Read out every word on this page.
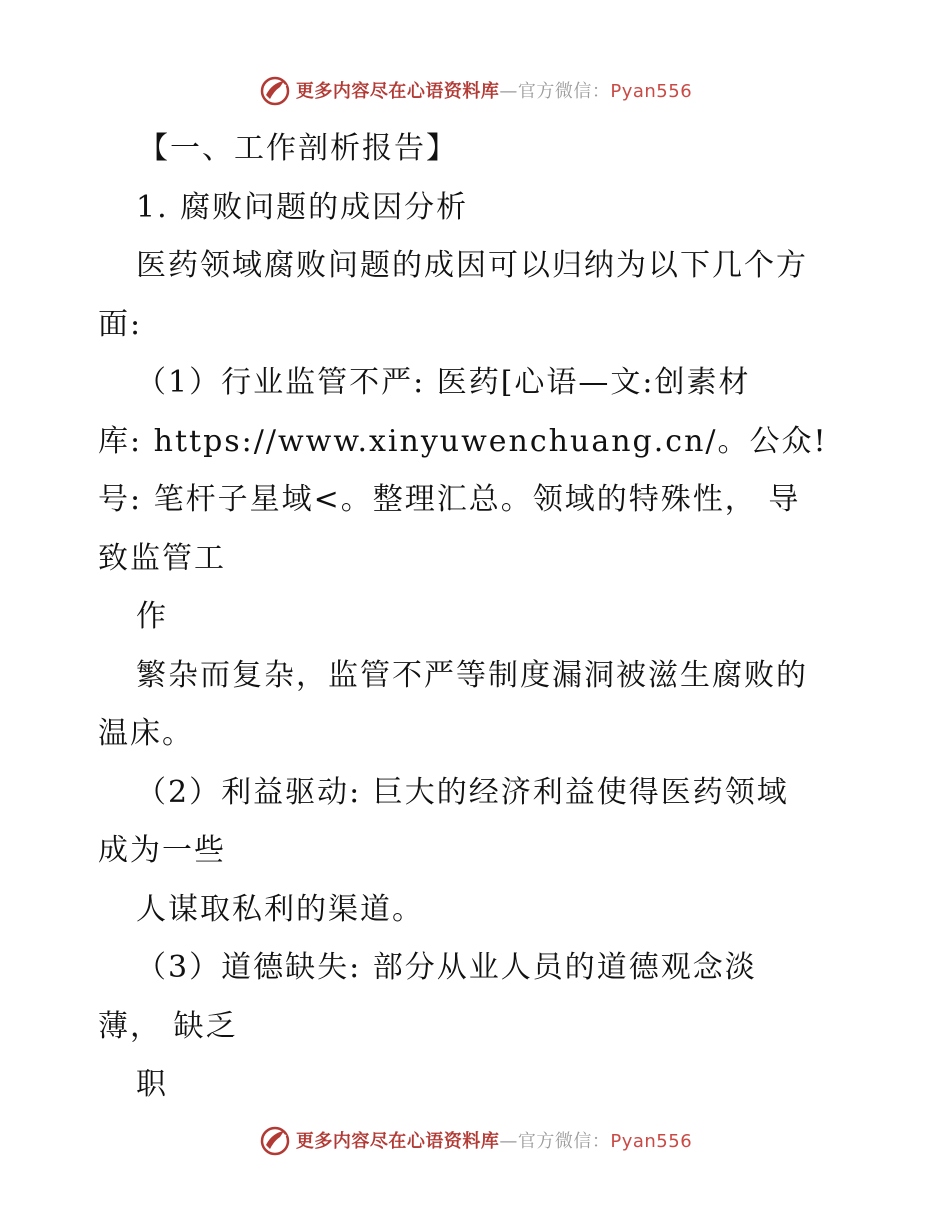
更多内容尽在心语资料库—官方微信：Pyan556
【一、工作剖析报告】
1. 腐败问题的成因分析
医药领域腐败问题的成因可以归纳为以下几个方
面:
（1）行业监管不严: 医药[心语—文:创素材
库: https://www.xinyuwenchuang.cn/。公众!
号: 笔杆子星域<。整理汇总。领域的特殊性， 导
致监管工
作
繁杂而复杂，监管不严等制度漏洞被滋生腐败的
温床。
（2）利益驱动: 巨大的经济利益使得医药领域
成为一些
人谋取私利的渠道。
（3）道德缺失: 部分从业人员的道德观念淡
薄， 缺乏
职
更多内容尽在心语资料库—官方微信：Pyan556
